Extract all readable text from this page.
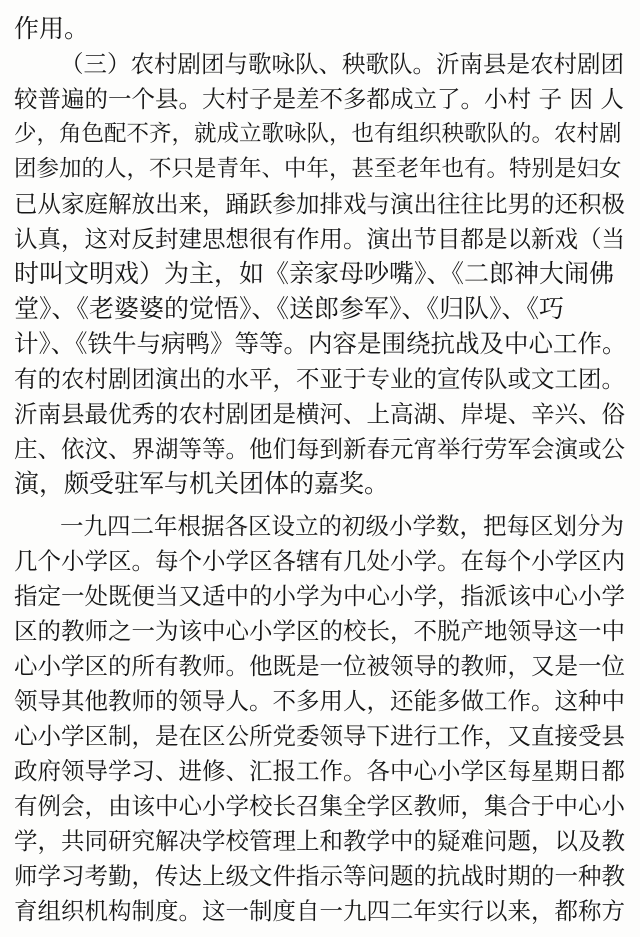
作用。
（三）农村剧团与歌咏队、秧歌队。沂南县是农村剧团
较普遍的一个县。大村子是差不多都成立了。小村 子 因 人
少，角色配不齐，就成立歌咏队，也有组织秧歌队的。农村剧
团参加的人，不只是青年、中年，甚至老年也有。特别是妇女
已从家庭解放出来，踊跃参加排戏与演出往往比男的还积极
认真，这对反封建思想很有作用。演出节目都是以新戏（当
时叫文明戏）为主，如《亲家母吵嘴》、《二郎神大闹佛
堂》、《老婆婆的觉悟》、《送郎参军》、《归队》、《巧
计》、《铁牛与病鸭》等等。内容是围绕抗战及中心工作。
有的农村剧团演出的水平，不亚于专业的宣传队或文工团。
沂南县最优秀的农村剧团是横河、上高湖、岸堤、辛兴、俗
庄、依汶、界湖等等。他们每到新春元宵举行劳军会演或公
演，颇受驻军与机关团体的嘉奖。
一九四二年根据各区设立的初级小学数，把每区划分为
几个小学区。每个小学区各辖有几处小学。在每个小学区内
指定一处既便当又适中的小学为中心小学，指派该中心小学
区的教师之一为该中心小学区的校长，不脱产地领导这一中
心小学区的所有教师。他既是一位被领导的教师，又是一位
领导其他教师的领导人。不多用人，还能多做工作。这种中
心小学区制，是在区公所党委领导下进行工作，又直接受县
政府领导学习、进修、汇报工作。各中心小学区每星期日都
有例会，由该中心小学校长召集全学区教师，集合于中心小
学，共同研究解决学校管理上和教学中的疑难问题，以及教
师学习考勤，传达上级文件指示等问题的抗战时期的一种教
育组织机构制度。这一制度自一九四二年实行以来，都称方
